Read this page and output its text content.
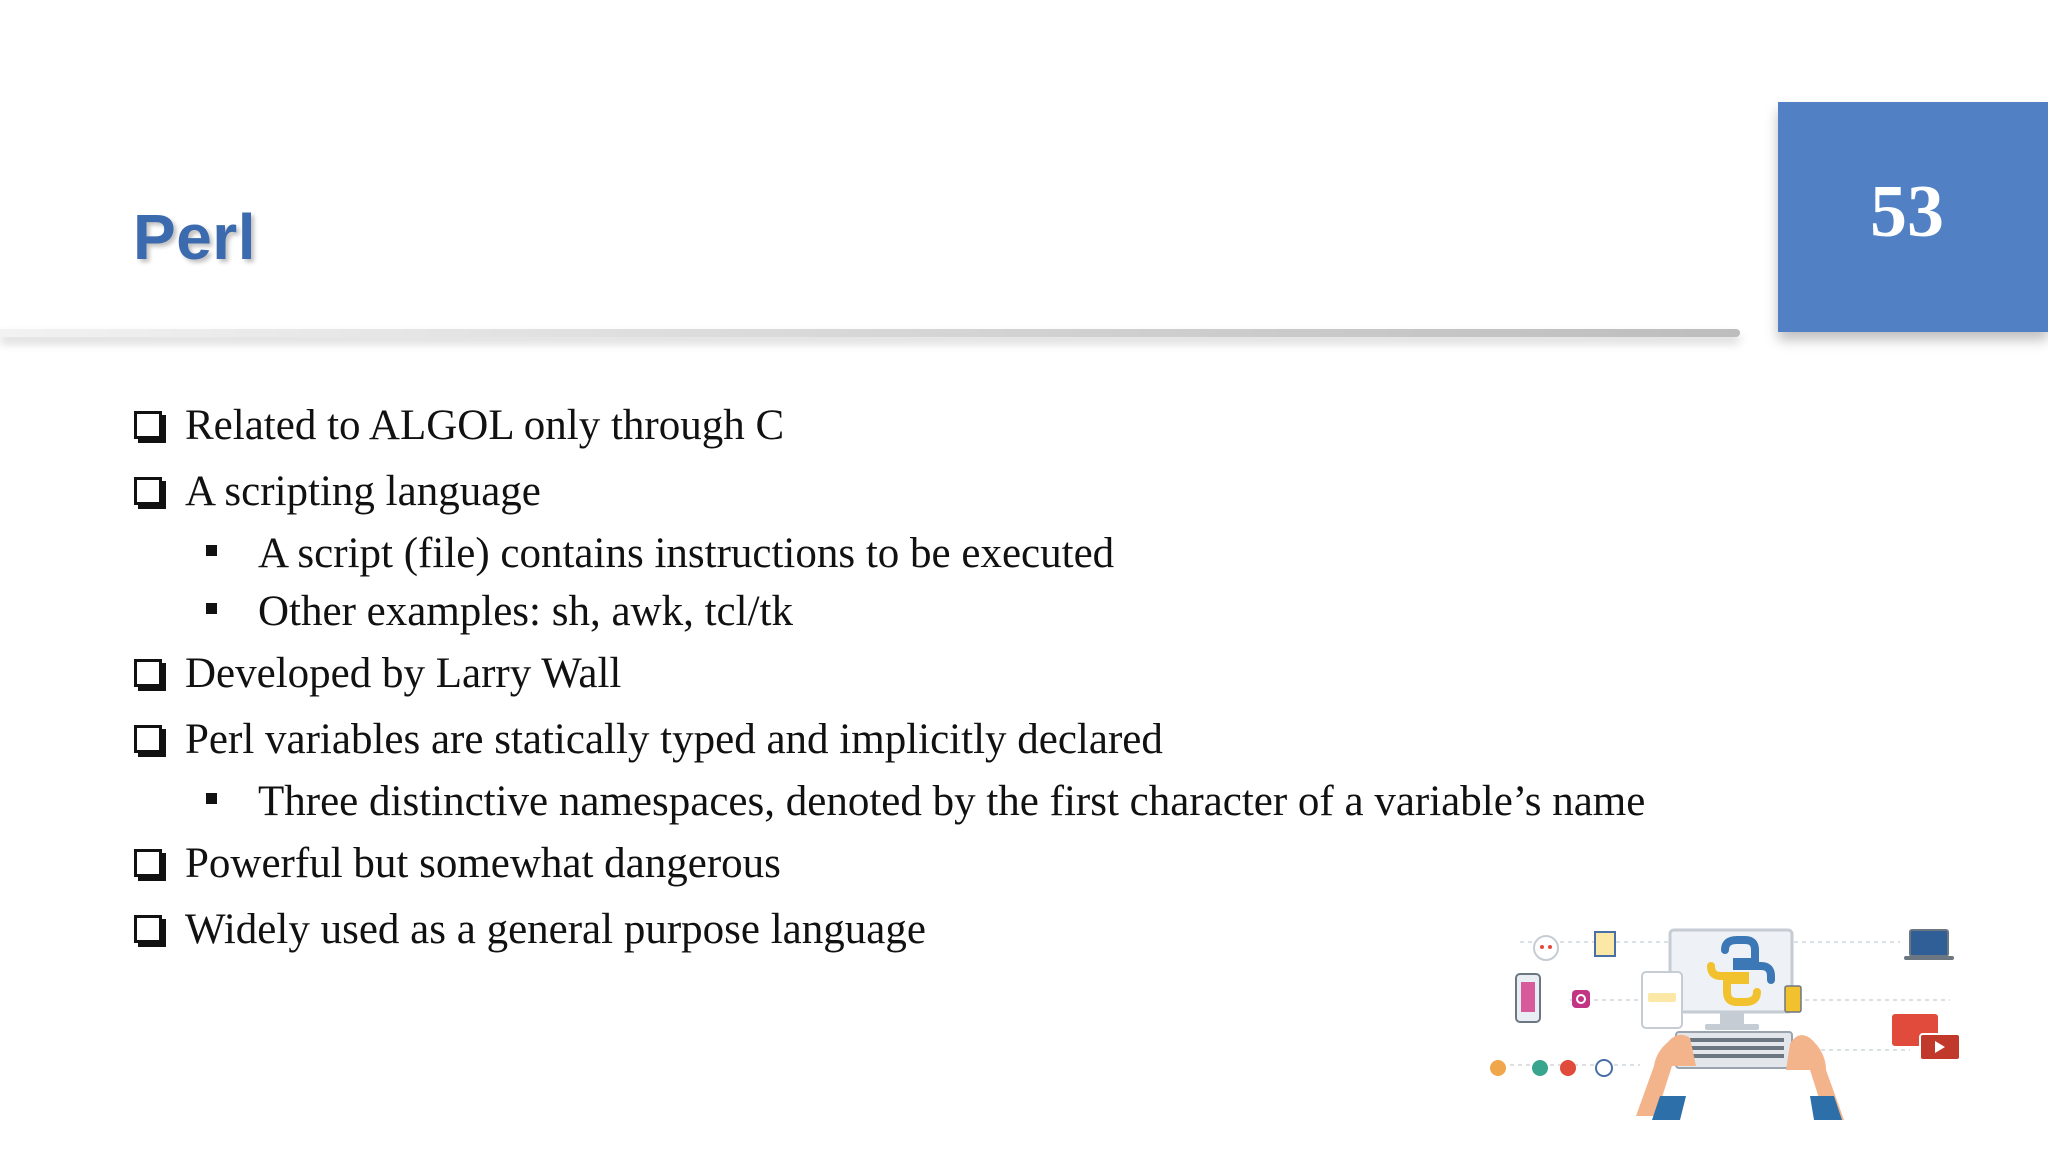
Perl	53
Related to ALGOL only through C
A scripting language
A script (file) contains instructions to be executed
Other examples: sh, awk, tcl/tk
Developed by Larry Wall
Perl variables are statically typed and implicitly declared
Three distinctive namespaces, denoted by the first character of a variable’s name
Powerful but somewhat dangerous
Widely used as a general purpose language
